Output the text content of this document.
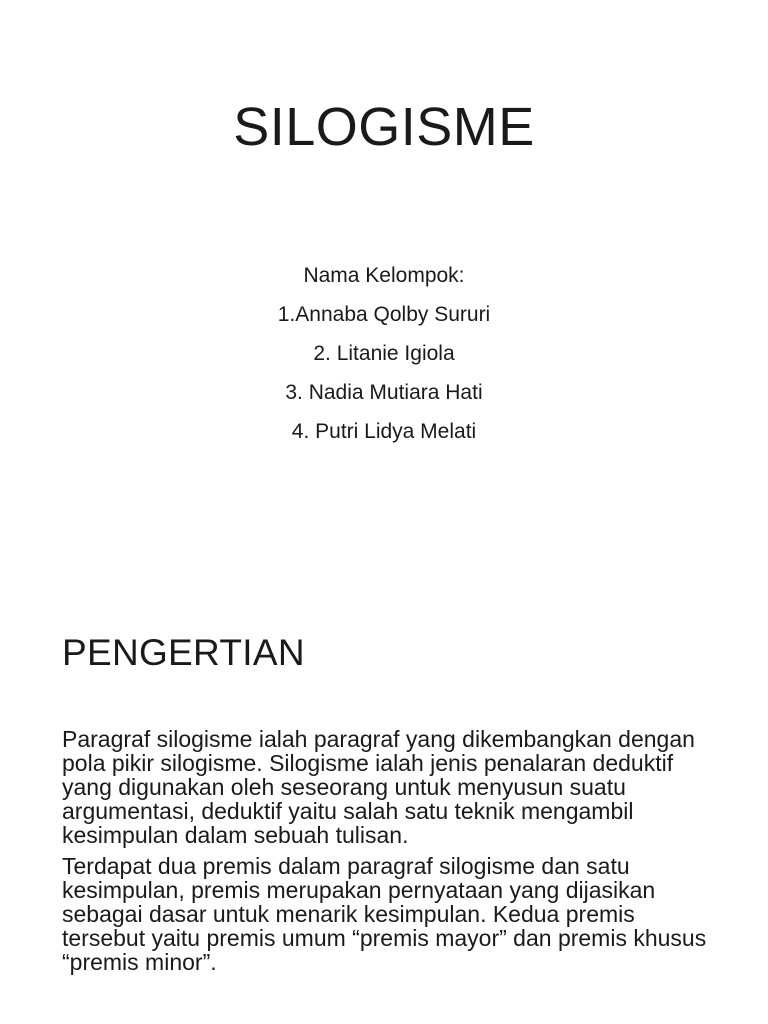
SILOGISME
Nama Kelompok:
1.Annaba Qolby Sururi
2. Litanie Igiola
3. Nadia Mutiara Hati
4. Putri Lidya Melati
PENGERTIAN

Paragraf silogisme ialah paragraf yang dikembangkan dengan pola pikir silogisme. Silogisme ialah jenis penalaran deduktif yang digunakan oleh seseorang untuk menyusun suatu argumentasi, deduktif yaitu salah satu teknik mengambil kesimpulan dalam sebuah tulisan.

Terdapat dua premis dalam paragraf silogisme dan satu kesimpulan, premis merupakan pernyataan yang dijasikan sebagai dasar untuk menarik kesimpulan. Kedua premis tersebut yaitu premis umum “premis mayor” dan premis khusus “premis minor”.
